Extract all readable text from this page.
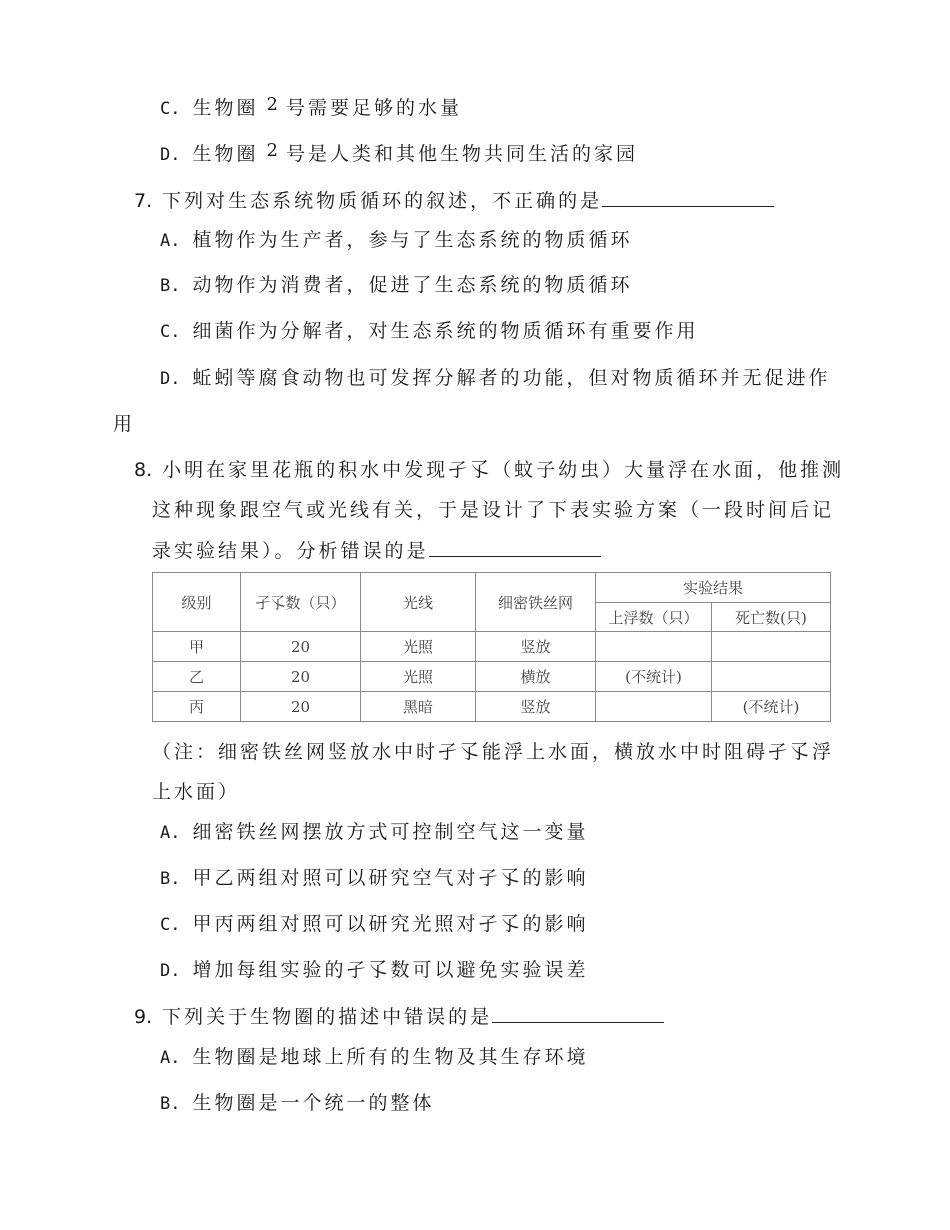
C. 生物圈 2 号需要足够的水量
D. 生物圈 2 号是人类和其他生物共同生活的家园
7. 下列对生态系统物质循环的叙述，不正确的是
A. 植物作为生产者，参与了生态系统的物质循环
B. 动物作为消费者，促进了生态系统的物质循环
C. 细菌作为分解者，对生态系统的物质循环有重要作用
D. 蚯蚓等腐食动物也可发挥分解者的功能，但对物质循环并无促进作
用
8. 小明在家里花瓶的积水中发现孑孓（蚊子幼虫）大量浮在水面，他推测
这种现象跟空气或光线有关，于是设计了下表实验方案（一段时间后记
录实验结果）。分析错误的是
级别	孑孓数（只）	光线	细密铁丝网	实验结果	
				上浮数（只）	死亡数(只)
甲	20	光照	竖放		
乙	20	光照	横放	(不统计)	
丙	20	黑暗	竖放		(不统计)
（注：细密铁丝网竖放水中时孑孓能浮上水面，横放水中时阻碍孑孓浮
上水面）
A. 细密铁丝网摆放方式可控制空气这一变量
B. 甲乙两组对照可以研究空气对孑孓的影响
C. 甲丙两组对照可以研究光照对孑孓的影响
D. 增加每组实验的孑孓数可以避免实验误差
9. 下列关于生物圈的描述中错误的是
A. 生物圈是地球上所有的生物及其生存环境
B. 生物圈是一个统一的整体
